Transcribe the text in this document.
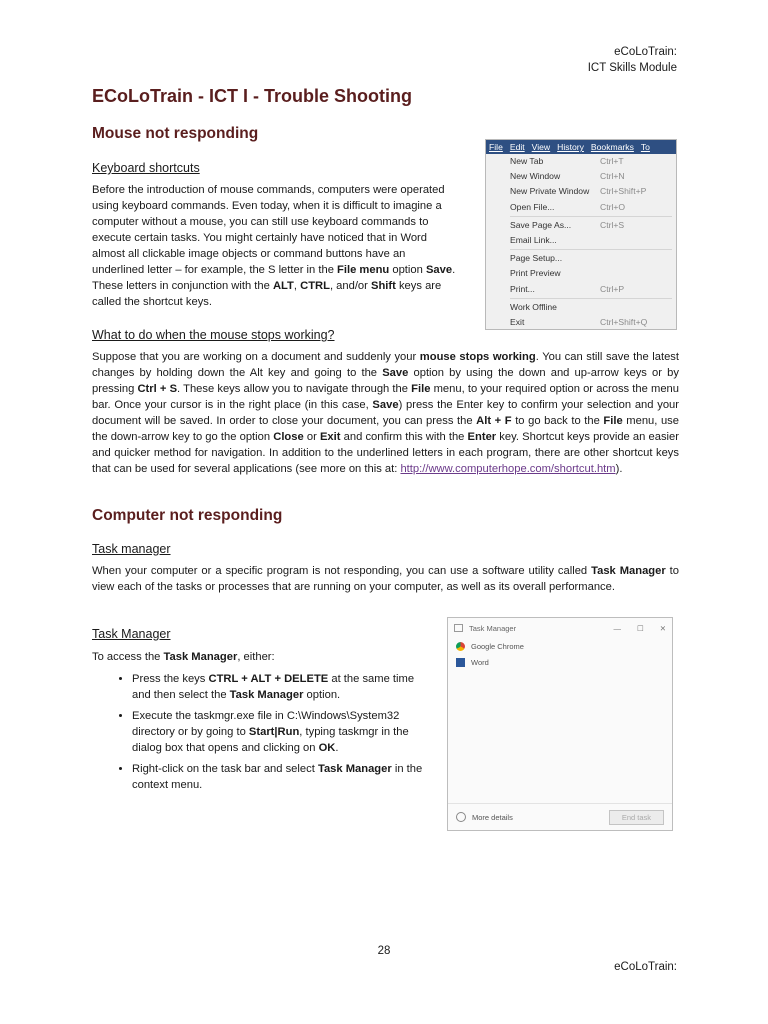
eCoLoTrain:
ICT Skills Module
ECoLoTrain - ICT I - Trouble Shooting
Mouse not responding
Keyboard shortcuts

Before the introduction of mouse commands, computers were operated using keyboard commands. Even today, when it is difficult to imagine a computer without a mouse, you can still use keyboard commands to execute certain tasks. You might certainly have noticed that in Word almost all clickable image objects or command buttons have an underlined letter – for example, the S letter in the File menu option Save. These letters in conjunction with the ALT, CTRL, and/or Shift keys are called the shortcut keys.

File Edit View History Bookmarks To
New Tab	Ctrl+T
New Window	Ctrl+N
New Private Window Ctrl+Shift+P
Open File...	Ctrl+O
Save Page As...	Ctrl+S
Email Link...
Page Setup...
Print Preview
Print...	Ctrl+P
Work Offline
Exit	Ctrl+Shift+Q
What to do when the mouse stops working?

Suppose that you are working on a document and suddenly your mouse stops working. You can still save the latest changes by holding down the Alt key and going to the Save option by using the down and up-arrow keys or by pressing Ctrl + S. These keys allow you to navigate through the File menu, to your required option or across the menu bar. Once your cursor is in the right place (in this case, Save) press the Enter key to confirm your selection and your document will be saved. In order to close your document, you can press the Alt + F to go back to the File menu, use the down-arrow key to go the option Close or Exit and confirm this with the Enter key. Shortcut keys provide an easier and quicker method for navigation. In addition to the underlined letters in each program, there are other shortcut keys that can be used for several applications (see more on this at: http://www.computerhope.com/shortcut.htm).

Computer not responding
Task manager

When your computer or a specific program is not responding, you can use a software utility called Task Manager to view each of the tasks or processes that are running on your computer, as well as its overall performance.

Task Manager

To access the Task Manager, either:

• Press the keys CTRL + ALT + DELETE at the same time and then select the Task Manager option.
• Execute the taskmgr.exe file in C:\Windows\System32 directory or by going to Start|Run, typing taskmgr in the dialog box that opens and clicking on OK.
• Right-click on the task bar and select Task Manager in the context menu.
Task Manager	— ☐ ✕
Google Chrome
Word
More details	End task
28
eCoLoTrain:
